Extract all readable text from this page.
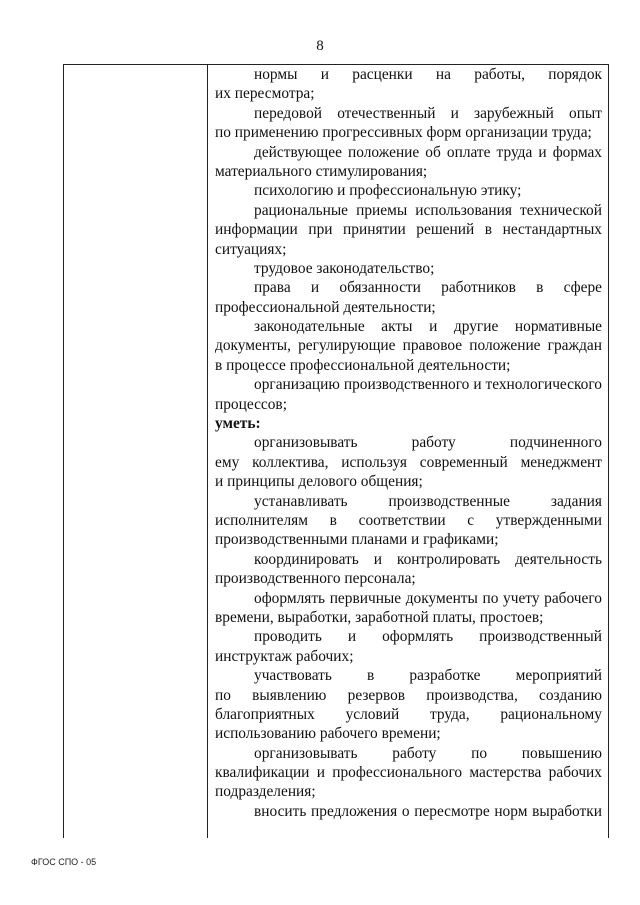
8
нормы и расценки на работы, порядок
их пересмотра;
передовой отечественный и зарубежный опыт
по применению прогрессивных форм организации труда;
действующее положение об оплате труда и формах
материального стимулирования;
психологию и профессиональную этику;
рациональные приемы использования технической
информации при принятии решений в нестандартных
ситуациях;
трудовое законодательство;
права и обязанности работников в сфере
профессиональной деятельности;
законодательные акты и другие нормативные
документы, регулирующие правовое положение граждан
в процессе профессиональной деятельности;
организацию производственного и технологического
процессов;
уметь:
организовывать работу подчиненного
ему коллектива, используя современный менеджмент
и принципы делового общения;
устанавливать производственные задания
исполнителям в соответствии с утвержденными
производственными планами и графиками;
координировать и контролировать деятельность
производственного персонала;
оформлять первичные документы по учету рабочего
времени, выработки, заработной платы, простоев;
проводить и оформлять производственный
инструктаж рабочих;
участвовать в разработке мероприятий
по выявлению резервов производства, созданию
благоприятных условий труда, рациональному
использованию рабочего времени;
организовывать работу по повышению
квалификации и профессионального мастерства рабочих
подразделения;
вносить предложения о пересмотре норм выработки
ФГОС СПО - 05
